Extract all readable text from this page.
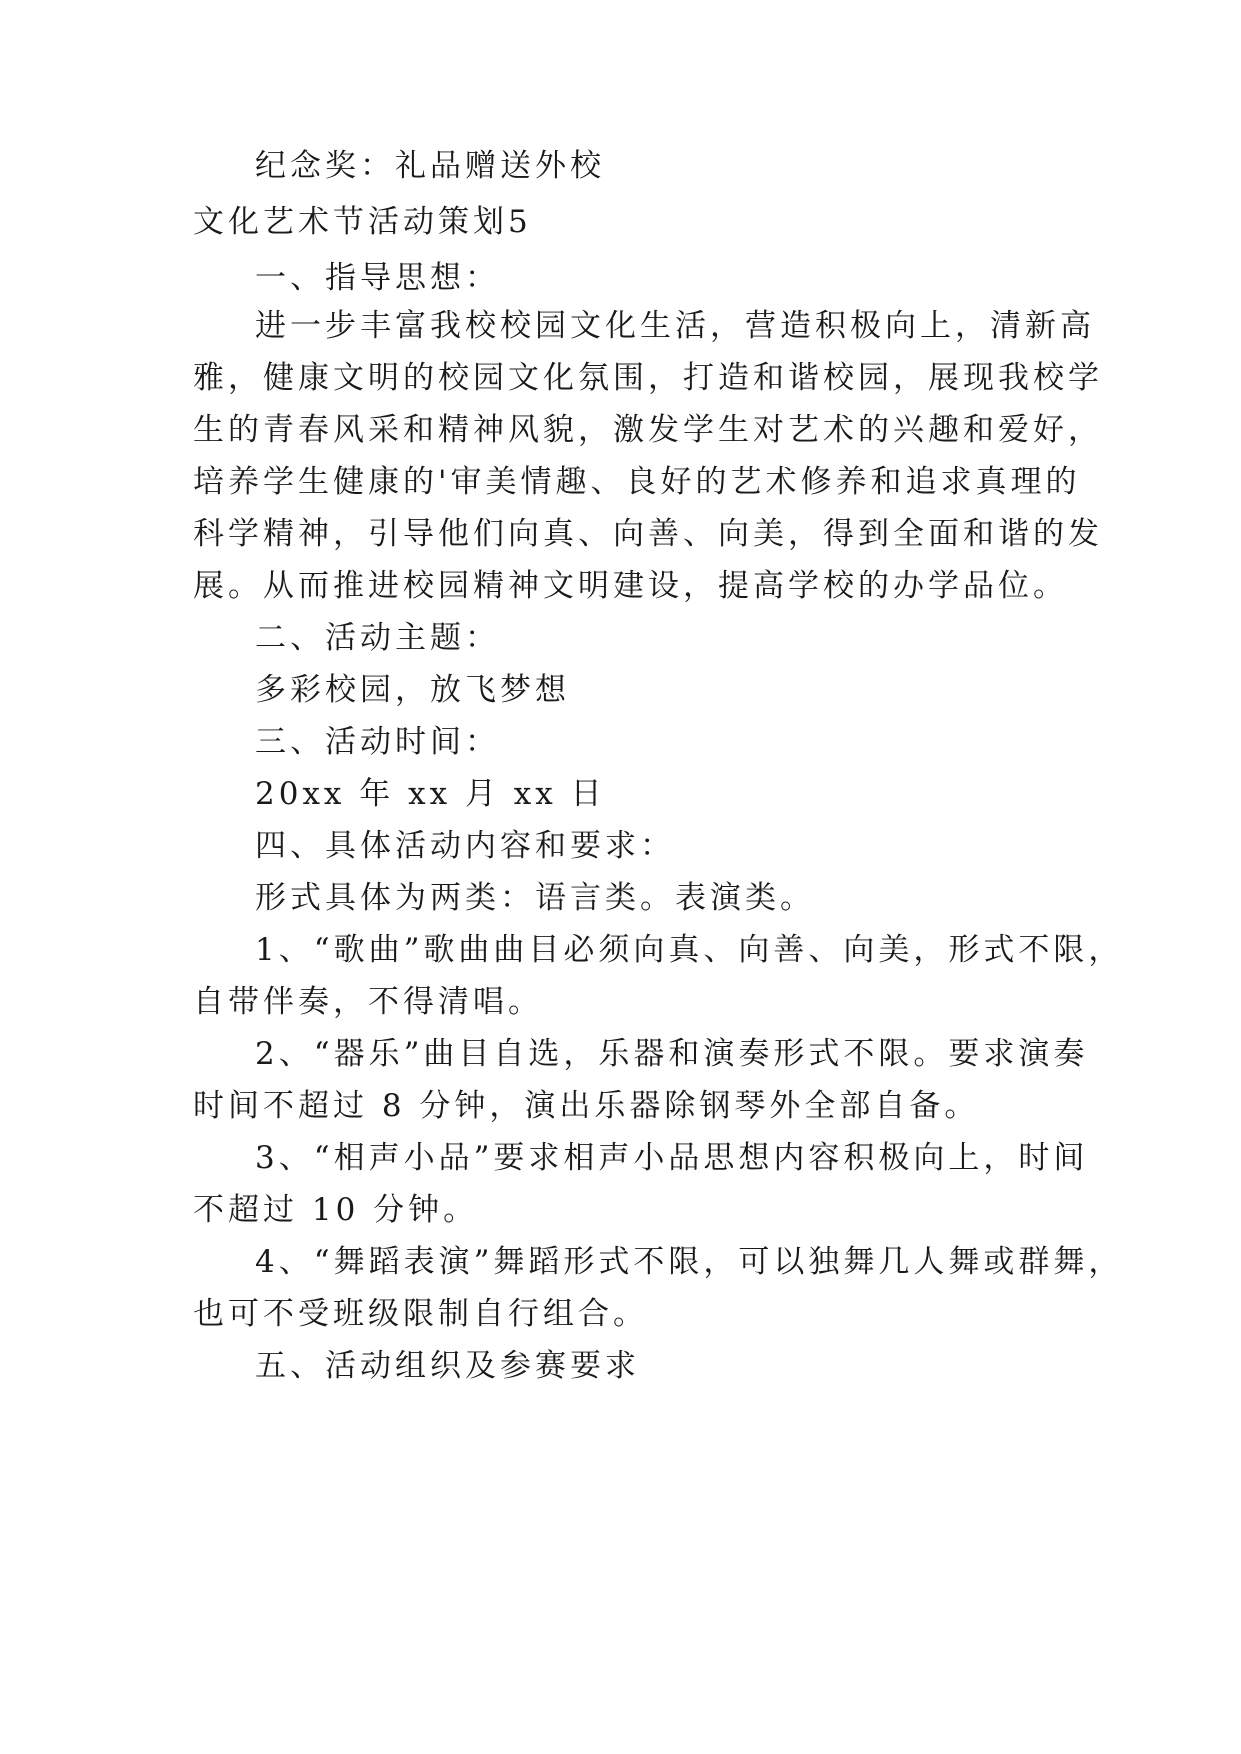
纪念奖：礼品赠送外校
文化艺术节活动策划5
一、指导思想：
进一步丰富我校校园文化生活，营造积极向上，清新高
雅，健康文明的校园文化氛围，打造和谐校园，展现我校学
生的青春风采和精神风貌，激发学生对艺术的兴趣和爱好，
培养学生健康的'审美情趣、良好的艺术修养和追求真理的
科学精神，引导他们向真、向善、向美，得到全面和谐的发
展。从而推进校园精神文明建设，提高学校的办学品位。
二、活动主题：
多彩校园，放飞梦想
三、活动时间：
20xx 年 xx 月 xx 日
四、具体活动内容和要求：
形式具体为两类：语言类。表演类。
1、“歌曲”歌曲曲目必须向真、向善、向美，形式不限，
自带伴奏，不得清唱。
2、“器乐”曲目自选，乐器和演奏形式不限。要求演奏
时间不超过 8 分钟，演出乐器除钢琴外全部自备。
3、“相声小品”要求相声小品思想内容积极向上，时间
不超过 10 分钟。
4、“舞蹈表演”舞蹈形式不限，可以独舞几人舞或群舞，
也可不受班级限制自行组合。
五、活动组织及参赛要求
